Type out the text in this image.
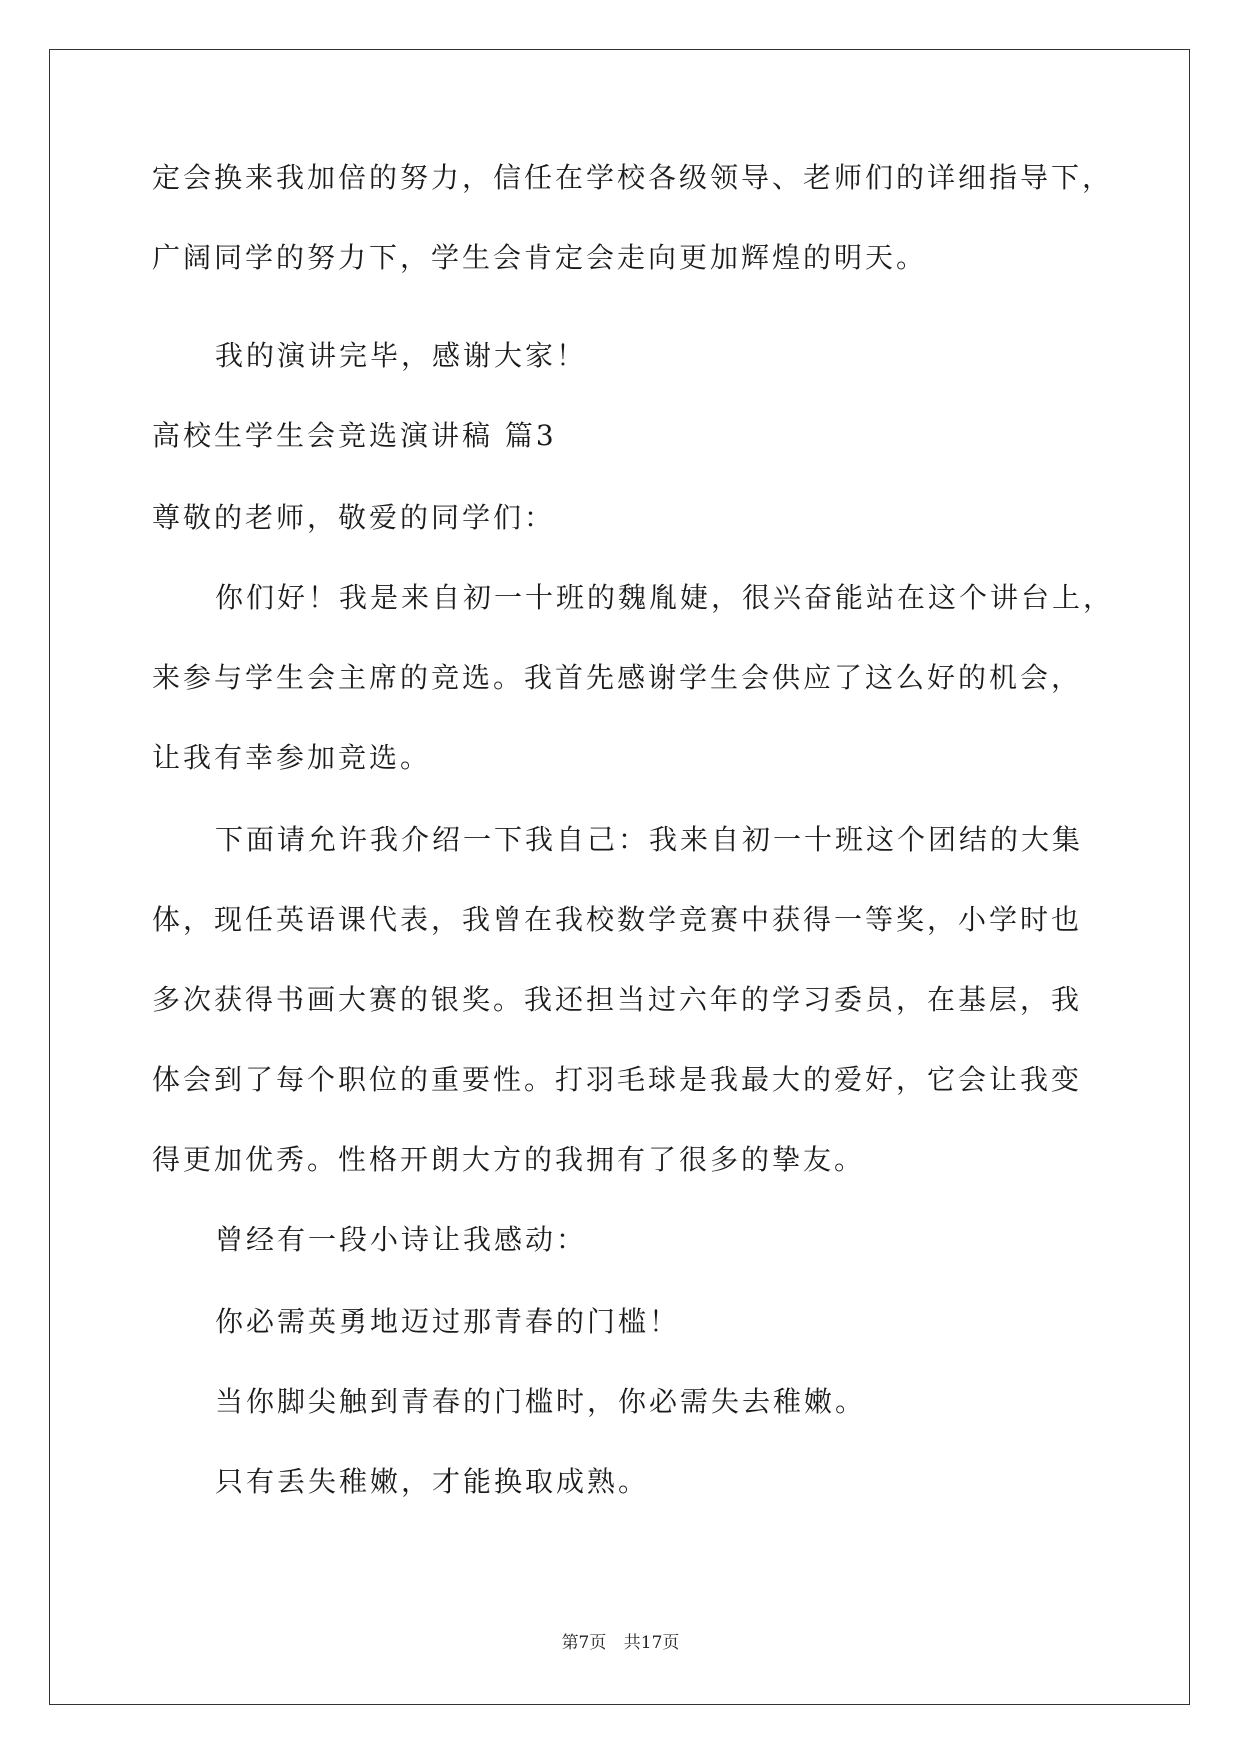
定会换来我加倍的努力，信任在学校各级领导、老师们的详细指导下，
广阔同学的努力下，学生会肯定会走向更加辉煌的明天。
我的演讲完毕，感谢大家！
高校生学生会竞选演讲稿 篇3
尊敬的老师，敬爱的同学们：
你们好！我是来自初一十班的魏胤婕，很兴奋能站在这个讲台上，
来参与学生会主席的竞选。我首先感谢学生会供应了这么好的机会，
让我有幸参加竞选。
下面请允许我介绍一下我自己：我来自初一十班这个团结的大集
体，现任英语课代表，我曾在我校数学竞赛中获得一等奖，小学时也
多次获得书画大赛的银奖。我还担当过六年的学习委员，在基层，我
体会到了每个职位的重要性。打羽毛球是我最大的爱好，它会让我变
得更加优秀。性格开朗大方的我拥有了很多的挚友。
曾经有一段小诗让我感动：
你必需英勇地迈过那青春的门槛！
当你脚尖触到青春的门槛时，你必需失去稚嫩。
只有丢失稚嫩，才能换取成熟。
第7页 共17页
